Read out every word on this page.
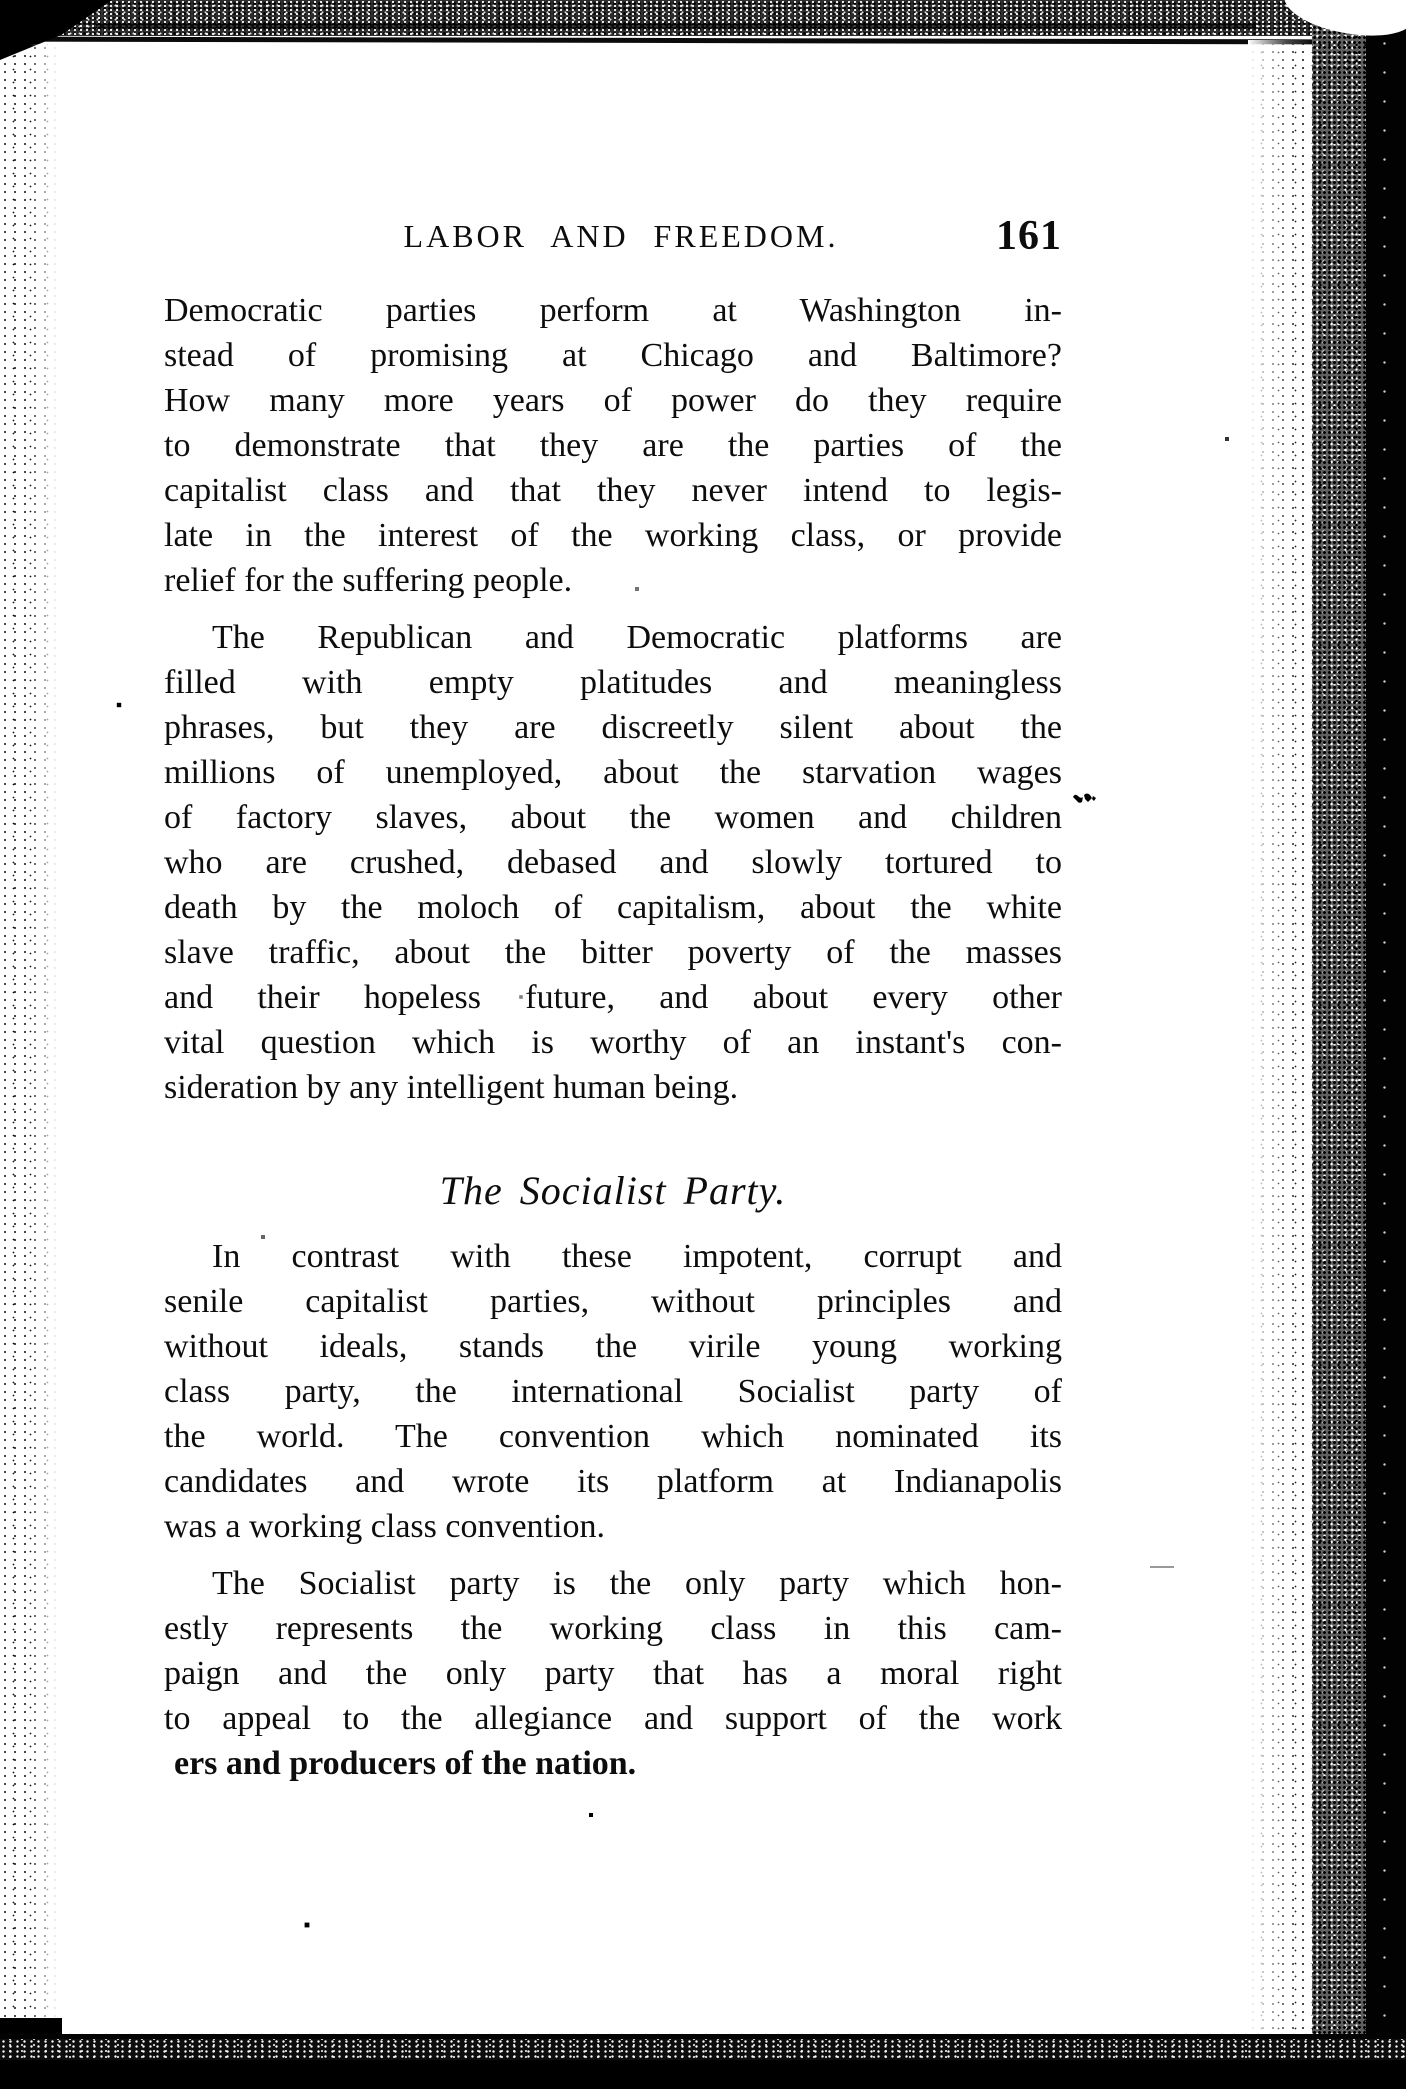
LABOR AND FREEDOM.	161
Democratic parties perform at Washington in-
stead of promising at Chicago and Baltimore?
How many more years of power do they require
to demonstrate that they are the parties of the
capitalist class and that they never intend to legis-
late in the interest of the working class, or provide
relief for the suffering people.
The Republican and Democratic platforms are
filled with empty platitudes and meaningless
phrases, but they are discreetly silent about the
millions of unemployed, about the starvation wages
of factory slaves, about the women and children
who are crushed, debased and slowly tortured to
death by the moloch of capitalism, about the white
slave traffic, about the bitter poverty of the masses
and their hopeless future, and about every other
vital question which is worthy of an instant's con-
sideration by any intelligent human being.
The Socialist Party.
In contrast with these impotent, corrupt and
senile capitalist parties, without principles and
without ideals, stands the virile young working
class party, the international Socialist party of
the world. The convention which nominated its
candidates and wrote its platform at Indianapolis
was a working class convention.
The Socialist party is the only party which hon-
estly represents the working class in this cam-
paign and the only party that has a moral right
to appeal to the allegiance and support of the work
ers and producers of the nation.
